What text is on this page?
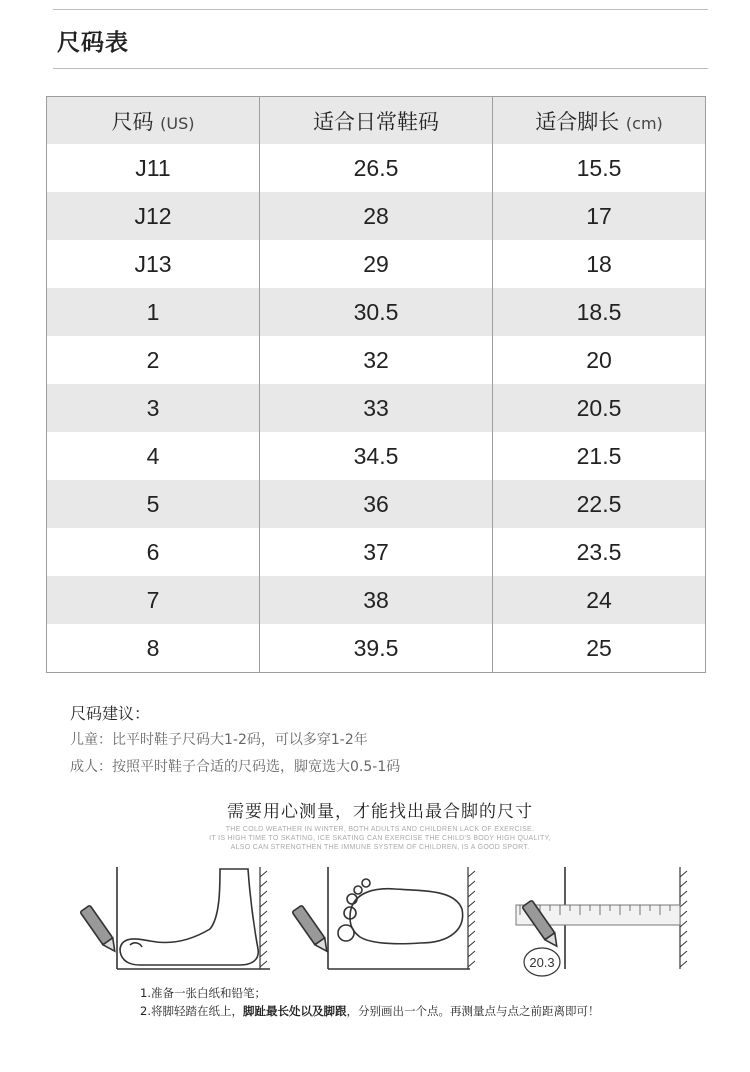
尺码表
尺码 (US)	适合日常鞋码	适合脚长 (cm)
J11	26.5	15.5
J12	28	17
J13	29	18
1	30.5	18.5
2	32	20
3	33	20.5
4	34.5	21.5
5	36	22.5
6	37	23.5
7	38	24
8	39.5	25
尺码建议：
儿童：比平时鞋子尺码大1-2码，可以多穿1-2年
成人：按照平时鞋子合适的尺码选，脚宽选大0.5-1码
需要用心测量，才能找出最合脚的尺寸
THE COLD WEATHER IN WINTER, BOTH ADULTS AND CHILDREN LACK OF EXERCISE.
IT IS HIGH TIME TO SKATING, ICE SKATING CAN EXERCISE THE CHILD'S BODY HIGH QUALITY,
ALSO CAN STRENGTHEN THE IMMUNE SYSTEM OF CHILDREN, IS A GOOD SPORT.
20.3
1.准备一张白纸和铅笔；
2.将脚轻踏在纸上，脚趾最长处以及脚跟，分别画出一个点。再测量点与点之前距离即可！
